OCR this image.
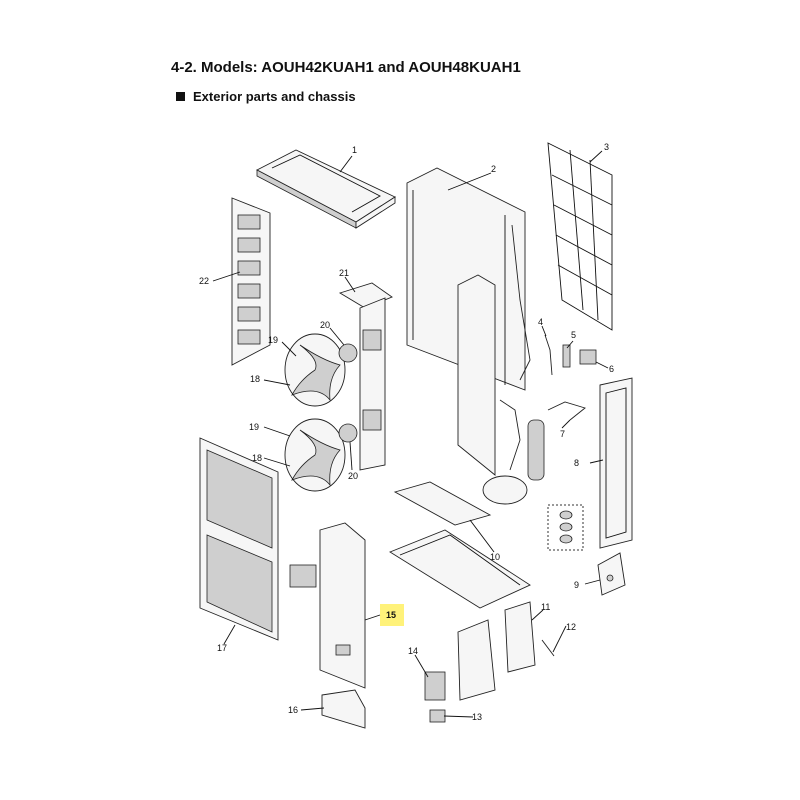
4-2. Models: AOUH42KUAH1 and AOUH48KUAH1
Exterior parts and chassis
1
2
3
4
5
6
7
8
9
10
11
12
13
14
15
16
17
18
18
19
19
20
20
21
22
